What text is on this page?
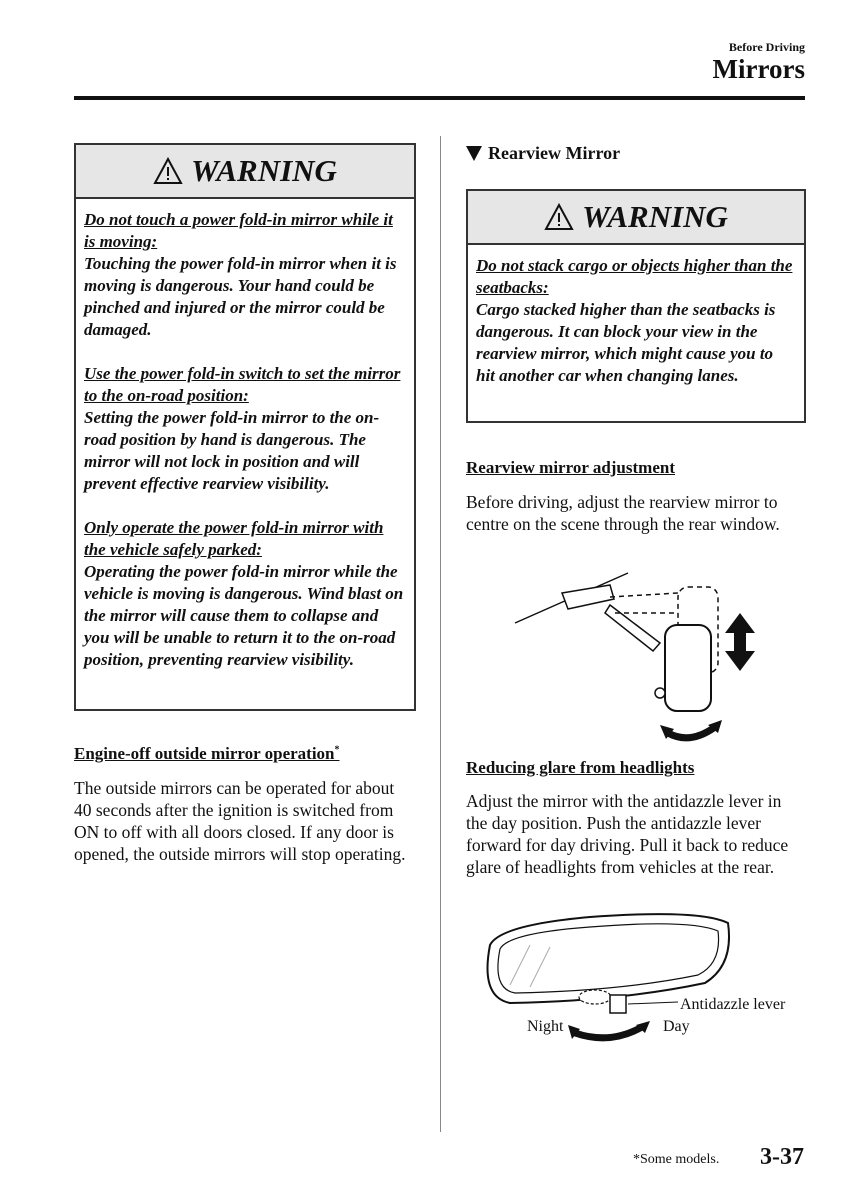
Before Driving
Mirrors
WARNING
Do not touch a power fold-in mirror while it is moving:
Touching the power fold-in mirror when it is moving is dangerous. Your hand could be pinched and injured or the mirror could be damaged.
Use the power fold-in switch to set the mirror to the on-road position:
Setting the power fold-in mirror to the on-road position by hand is dangerous. The mirror will not lock in position and will prevent effective rearview visibility.
Only operate the power fold-in mirror with the vehicle safely parked:
Operating the power fold-in mirror while the vehicle is moving is dangerous. Wind blast on the mirror will cause them to collapse and you will be unable to return it to the on-road position, preventing rearview visibility.
Engine-off outside mirror operation*
The outside mirrors can be operated for about 40 seconds after the ignition is switched from ON to off with all doors closed. If any door is opened, the outside mirrors will stop operating.
Rearview Mirror
WARNING
Do not stack cargo or objects higher than the seatbacks:
Cargo stacked higher than the seatbacks is dangerous. It can block your view in the rearview mirror, which might cause you to hit another car when changing lanes.
Rearview mirror adjustment
Before driving, adjust the rearview mirror to centre on the scene through the rear window.
Reducing glare from headlights
Adjust the mirror with the antidazzle lever in the day position. Push the antidazzle lever forward for day driving. Pull it back to reduce glare of headlights from vehicles at the rear.
Antidazzle lever
Night	Day
*Some models. 3-37
